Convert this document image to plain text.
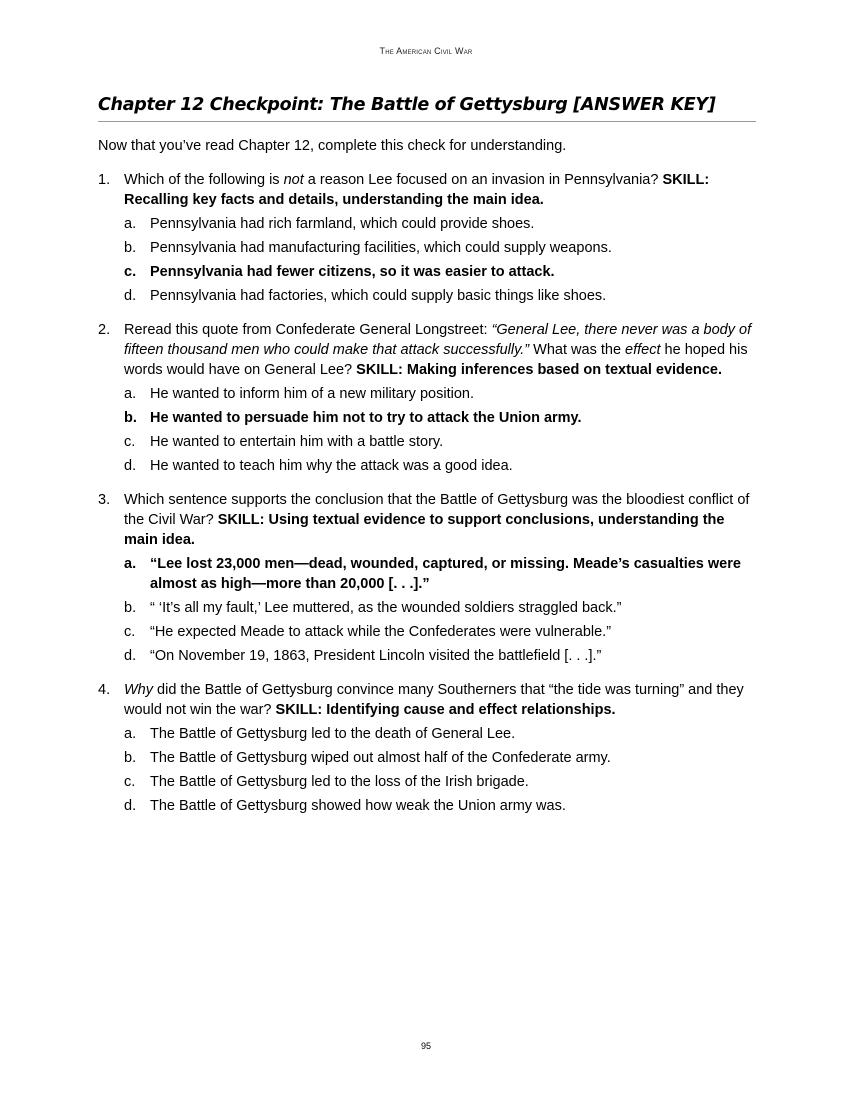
The American Civil War
Chapter 12 Checkpoint: The Battle of Gettysburg [ANSWER KEY]

Now that you’ve read Chapter 12, complete this check for understanding.

1. Which of the following is not a reason Lee focused on an invasion in Pennsylvania? SKILL: Recalling key facts and details, understanding the main idea.
a. Pennsylvania had rich farmland, which could provide shoes.
b. Pennsylvania had manufacturing facilities, which could supply weapons.
c. Pennsylvania had fewer citizens, so it was easier to attack.
d. Pennsylvania had factories, which could supply basic things like shoes.
2. Reread this quote from Confederate General Longstreet: “General Lee, there never was a body of fifteen thousand men who could make that attack successfully.” What was the effect he hoped his words would have on General Lee? SKILL: Making inferences based on textual evidence.
a. He wanted to inform him of a new military position.
b. He wanted to persuade him not to try to attack the Union army.
c. He wanted to entertain him with a battle story.
d. He wanted to teach him why the attack was a good idea.
3. Which sentence supports the conclusion that the Battle of Gettysburg was the bloodiest conflict of the Civil War? SKILL: Using textual evidence to support conclusions, understanding the main idea.
a. “Lee lost 23,000 men—dead, wounded, captured, or missing. Meade’s casualties were almost as high—more than 20,000 [. . .].”
b. “ ‘It’s all my fault,’ Lee muttered, as the wounded soldiers straggled back.”
c. “He expected Meade to attack while the Confederates were vulnerable.”
d. “On November 19, 1863, President Lincoln visited the battlefield [. . .].”
4. Why did the Battle of Gettysburg convince many Southerners that “the tide was turning” and they would not win the war? SKILL: Identifying cause and effect relationships.
a. The Battle of Gettysburg led to the death of General Lee.
b. The Battle of Gettysburg wiped out almost half of the Confederate army.
c. The Battle of Gettysburg led to the loss of the Irish brigade.
d. The Battle of Gettysburg showed how weak the Union army was.
95
